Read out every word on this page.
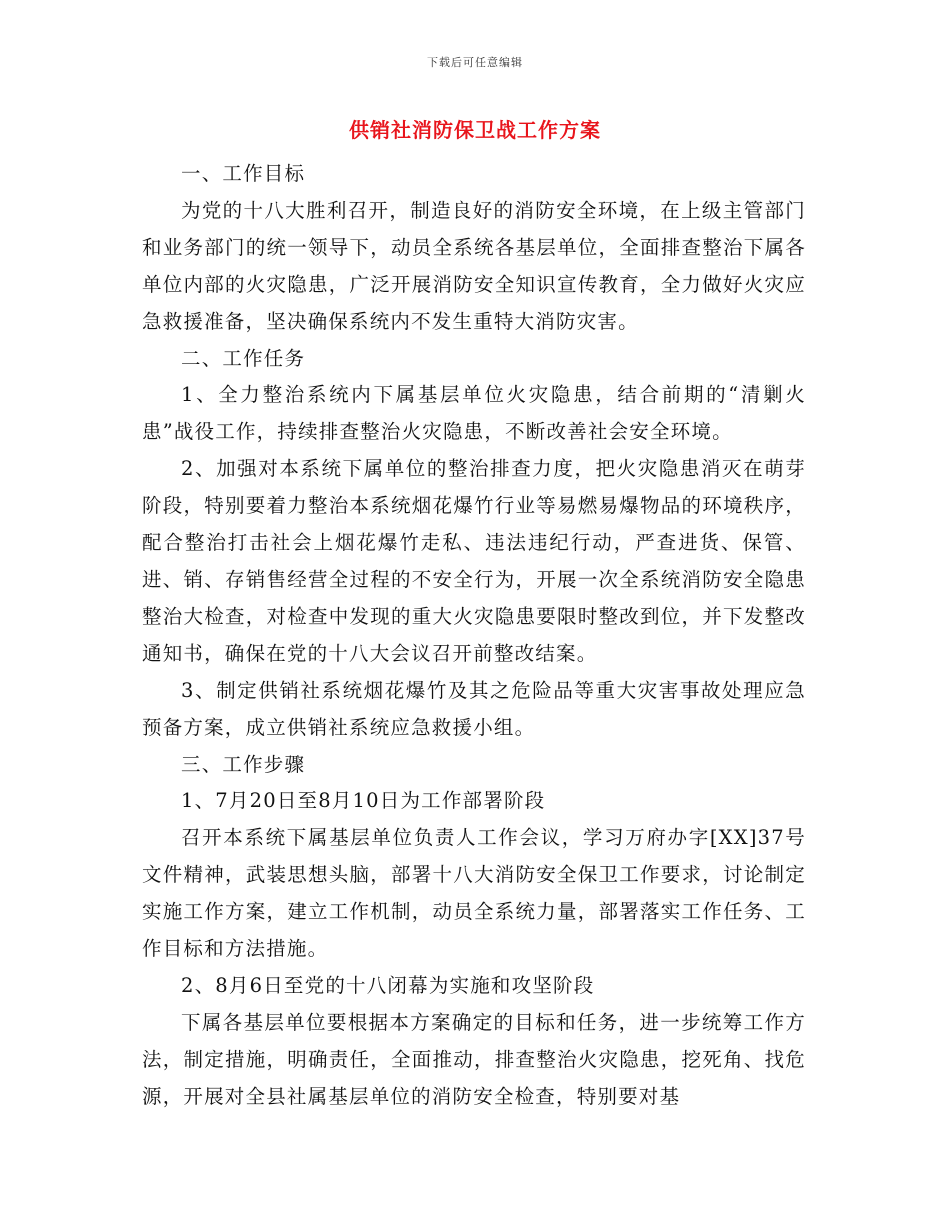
下载后可任意编辑
供销社消防保卫战工作方案

一、工作目标

为党的十八大胜利召开，制造良好的消防安全环境，在上级主管部门和业务部门的统一领导下，动员全系统各基层单位，全面排查整治下属各单位内部的火灾隐患，广泛开展消防安全知识宣传教育，全力做好火灾应急救援准备，坚决确保系统内不发生重特大消防灾害。

二、工作任务

1、全力整治系统内下属基层单位火灾隐患，结合前期的“清剿火患”战役工作，持续排查整治火灾隐患，不断改善社会安全环境。

2、加强对本系统下属单位的整治排查力度，把火灾隐患消灭在萌芽阶段，特别要着力整治本系统烟花爆竹行业等易燃易爆物品的环境秩序，配合整治打击社会上烟花爆竹走私、违法违纪行动，严查进货、保管、进、销、存销售经营全过程的不安全行为，开展一次全系统消防安全隐患整治大检查，对检查中发现的重大火灾隐患要限时整改到位，并下发整改通知书，确保在党的十八大会议召开前整改结案。

3、制定供销社系统烟花爆竹及其之危险品等重大灾害事故处理应急预备方案，成立供销社系统应急救援小组。

三、工作步骤

1、7月20日至8月10日为工作部署阶段

召开本系统下属基层单位负责人工作会议，学习万府办字[XX]37号文件精神，武装思想头脑，部署十八大消防安全保卫工作要求，讨论制定实施工作方案，建立工作机制，动员全系统力量，部署落实工作任务、工作目标和方法措施。

2、8月6日至党的十八闭幕为实施和攻坚阶段

下属各基层单位要根据本方案确定的目标和任务，进一步统筹工作方法，制定措施，明确责任，全面推动，排查整治火灾隐患，挖死角、找危源，开展对全县社属基层单位的消防安全检查，特别要对基
